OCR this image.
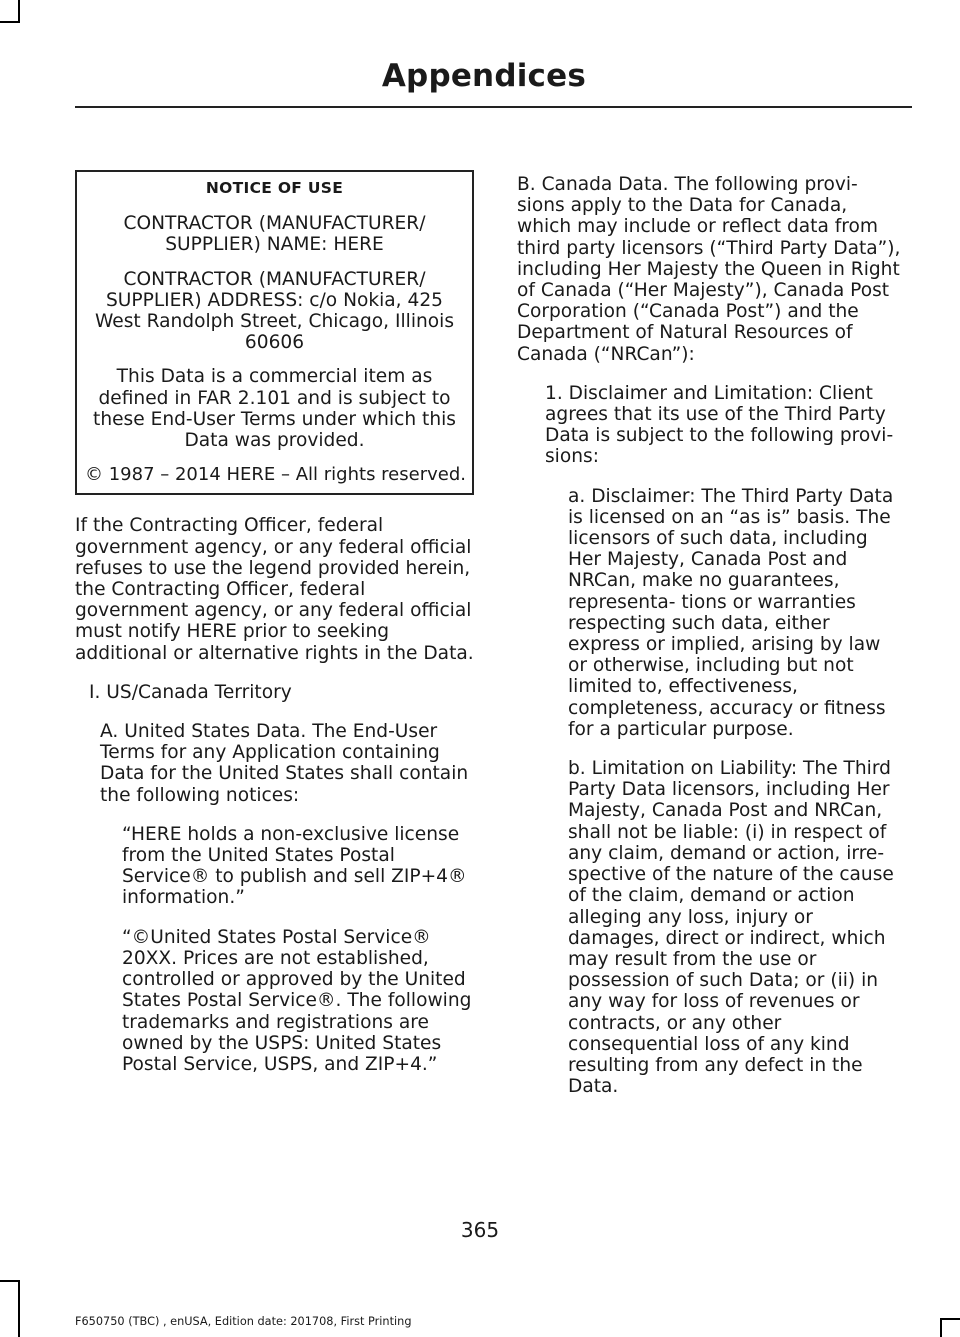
Appendices
NOTICE OF USE

CONTRACTOR (MANUFACTURER/ SUPPLIER) NAME: HERE

CONTRACTOR (MANUFACTURER/ SUPPLIER) ADDRESS: c/o Nokia, 425 West Randolph Street, Chicago, Illinois 60606

This Data is a commercial item as defined in FAR 2.101 and is subject to these End-User Terms under which this Data was provided.

© 1987 – 2014 HERE – All rights reserved.

If the Contracting Officer, federal government agency, or any federal official refuses to use the legend provided herein, the Contracting Officer, federal government agency, or any federal official must notify HERE prior to seeking additional or alternative rights in the Data.

I. US/Canada Territory

A. United States Data. The End-User Terms for any Application containing Data for the United States shall contain the following notices:

“HERE holds a non-exclusive license from the United States Postal Service® to publish and sell ZIP+4® information.”

“©United States Postal Service® 20XX. Prices are not established, controlled or approved by the United States Postal Service®. The following trademarks and registrations are owned by the USPS: United States Postal Service, USPS, and ZIP+4.”

B. Canada Data. The following provi- sions apply to the Data for Canada, which may include or reflect data from third party licensors (“Third Party Data”), including Her Majesty the Queen in Right of Canada (“Her Majesty”), Canada Post Corporation (“Canada Post”) and the Department of Natural Resources of Canada (“NRCan”):

1. Disclaimer and Limitation: Client agrees that its use of the Third Party Data is subject to the following provi- sions:

a. Disclaimer: The Third Party Data is licensed on an “as is” basis. The licensors of such data, including Her Majesty, Canada Post and NRCan, make no guarantees, representa- tions or warranties respecting such data, either express or implied, arising by law or otherwise, including but not limited to, effectiveness, completeness, accuracy or fitness for a particular purpose.

b. Limitation on Liability: The Third Party Data licensors, including Her Majesty, Canada Post and NRCan, shall not be liable: (i) in respect of any claim, demand or action, irre- spective of the nature of the cause of the claim, demand or action alleging any loss, injury or damages, direct or indirect, which may result from the use or possession of such Data; or (ii) in any way for loss of revenues or contracts, or any other consequential loss of any kind resulting from any defect in the Data.

365
F650750 (TBC) , enUSA, Edition date: 201708, First Printing
